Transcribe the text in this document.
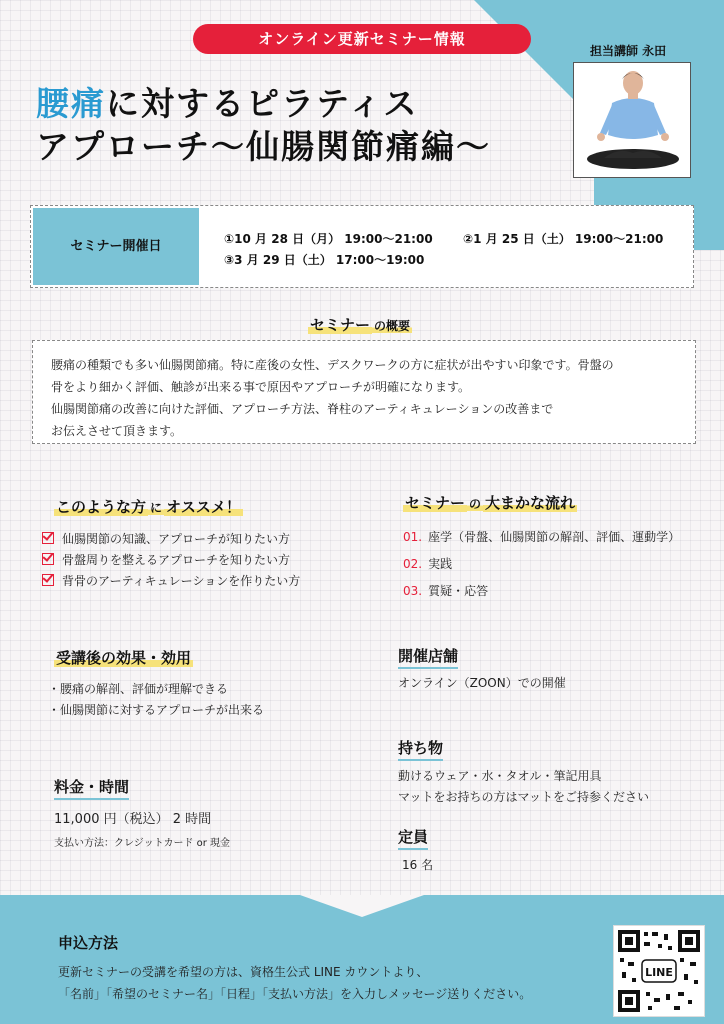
オンライン更新セミナー情報
腰痛に対するピラティス
アプローチ〜仙腸関節痛編〜
担当講師 永田
セミナー開催日	①10 月 28 日（月） 19:00〜21:00	②1 月 25 日（土） 19:00〜21:00
③3 月 29 日（土） 17:00〜19:00
セミナー の概要
腰痛の種類でも多い仙腸関節痛。特に産後の女性、デスクワークの方に症状が出やすい印象です。骨盤の
骨をより細かく評価、触診が出来る事で原因やアプローチが明確になります。
仙腸関節痛の改善に向けた評価、アプローチ方法、脊柱のアーティキュレーションの改善まで
お伝えさせて頂きます。
このような方 に オススメ！
仙腸関節の知識、アプローチが知りたい方
骨盤周りを整えるアプローチを知りたい方
背骨のアーティキュレーションを作りたい方
セミナー の 大まかな流れ
01. 座学（骨盤、仙腸関節の解剖、評価、運動学）
02. 実践
03. 質疑・応答
受講後の効果・効用
・腰痛の解剖、評価が理解できる
・仙腸関節に対するアプローチが出来る
開催店舗
オンライン（ZOON）での開催
持ち物
動けるウェア・水・タオル・筆記用具
マットをお持ちの方はマットをご持参ください
料金・時間
11,000 円（税込） 2 時間
支払い方法：クレジットカード or 現金	定員
16 名
申込方法
更新セミナーの受講を希望の方は、資格生公式 LINE カウントより、
「名前」「希望のセミナー名」「日程」「支払い方法」を入力しメッセージ送りください。
LINE
